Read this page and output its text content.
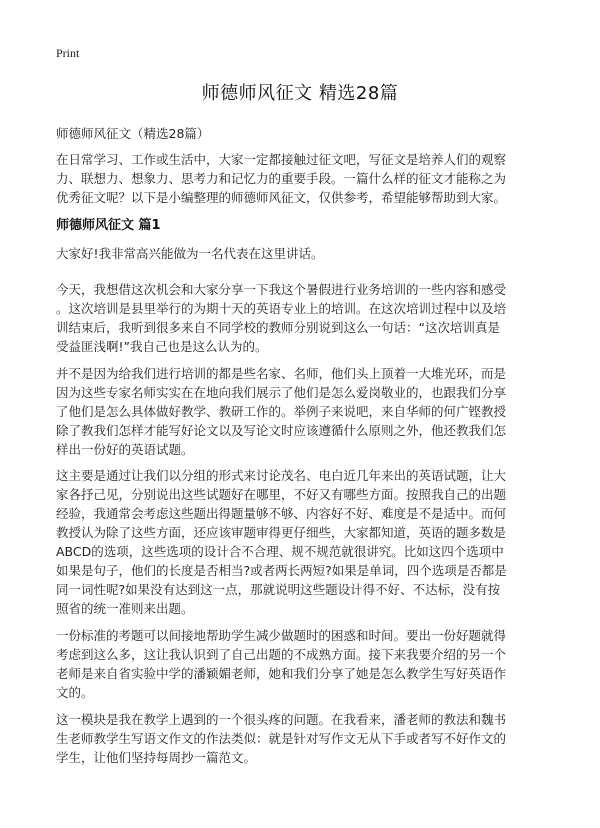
Print
师德师风征文 精选28篇
师德师风征文（精选28篇）

在日常学习、工作或生活中，大家一定都接触过征文吧，写征文是培养人们的观察
力、联想力、想象力、思考力和记忆力的重要手段。一篇什么样的征文才能称之为
优秀征文呢？以下是小编整理的师德师风征文，仅供参考，希望能够帮助到大家。

师德师风征文 篇1

大家好!我非常高兴能做为一名代表在这里讲话。

今天，我想借这次机会和大家分享一下我这个暑假进行业务培训的一些内容和感受
。这次培训是县里举行的为期十天的英语专业上的培训。在这次培训过程中以及培
训结束后，我听到很多来自不同学校的教师分别说到这么一句话：“这次培训真是
受益匪浅啊!”我自己也是这么认为的。

并不是因为给我们进行培训的都是些名家、名师，他们头上顶着一大堆光环，而是
因为这些专家名师实实在在地向我们展示了他们是怎么爱岗敬业的，也跟我们分享
了他们是怎么具体做好教学、教研工作的。举例子来说吧，来自华师的何广铿教授
除了教我们怎样才能写好论文以及写论文时应该遵循什么原则之外，他还教我们怎
样出一份好的英语试题。

这主要是通过让我们以分组的形式来讨论茂名、电白近几年来出的英语试题，让大
家各抒己见，分别说出这些试题好在哪里，不好又有哪些方面。按照我自己的出题
经验，我通常会考虑这些题出得题量够不够、内容好不好、难度是不是适中。而何
教授认为除了这些方面，还应该审题审得更仔细些，大家都知道，英语的题多数是
ABCD的选项，这些选项的设计合不合理、规不规范就很讲究。比如这四个选项中
如果是句子，他们的长度是否相当?或者两长两短?如果是单词，四个选项是否都是
同一词性呢?如果没有达到这一点，那就说明这些题设计得不好、不达标，没有按
照省的统一准则来出题。

一份标准的考题可以间接地帮助学生减少做题时的困惑和时间。要出一份好题就得
考虑到这么多，这让我认识到了自己出题的不成熟方面。接下来我要介绍的另一个
老师是来自省实验中学的潘颖媚老师，她和我们分享了她是怎么教学生写好英语作
文的。

这一模块是我在教学上遇到的一个很头疼的问题。在我看来，潘老师的教法和魏书
生老师教学生写语文作文的作法类似：就是针对写作文无从下手或者写不好作文的
学生，让他们坚持每周抄一篇范文。
